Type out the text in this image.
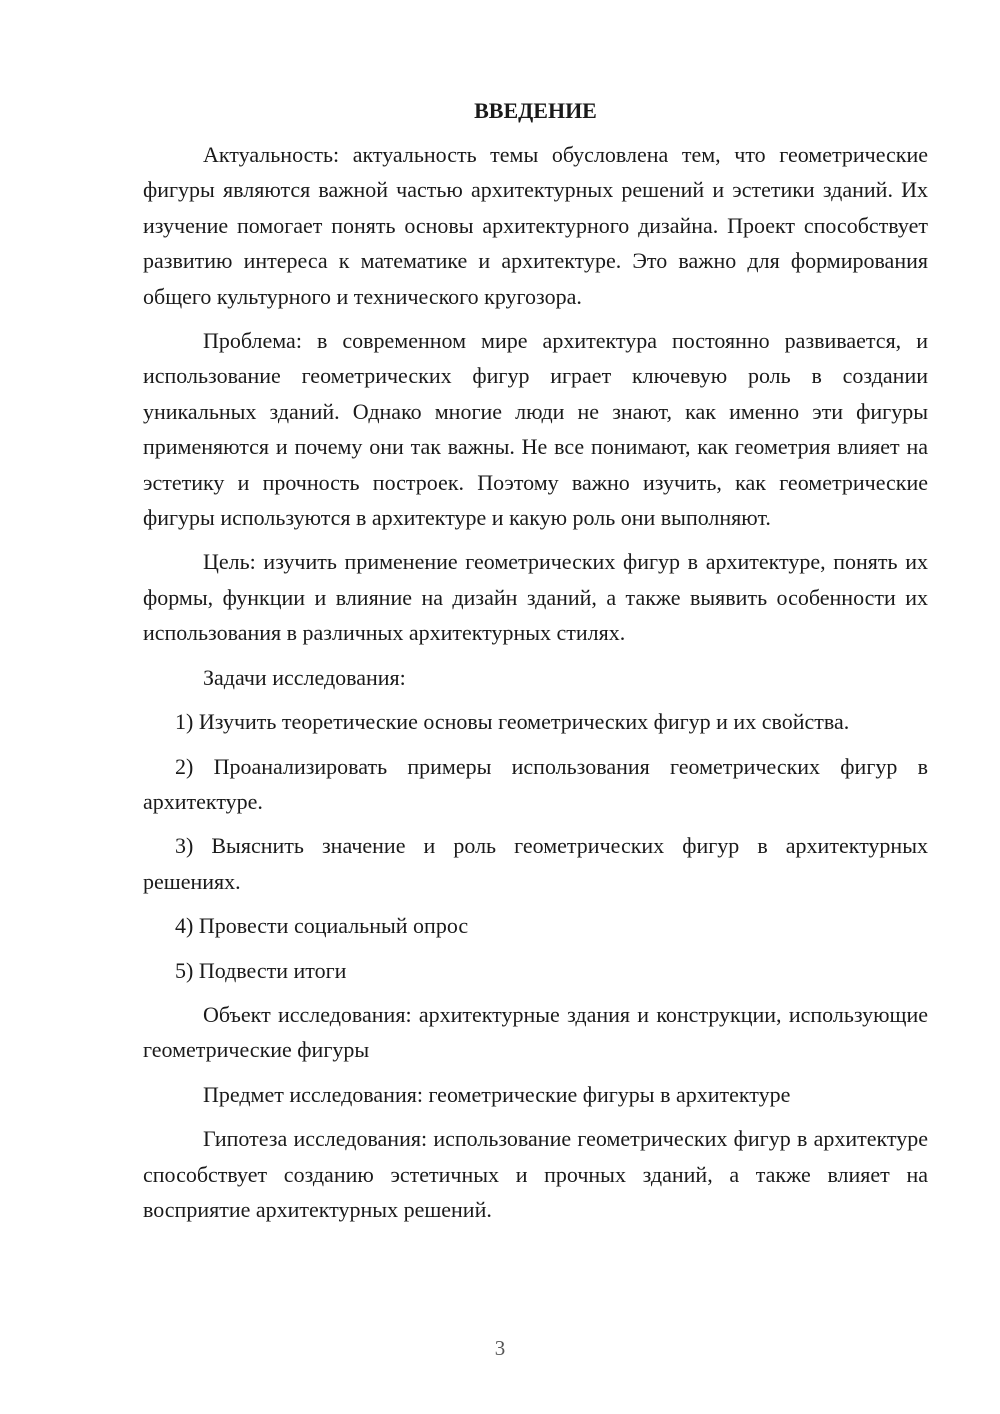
ВВЕДЕНИЕ

Актуальность: актуальность темы обусловлена тем, что геометрические фигуры являются важной частью архитектурных решений и эстетики зданий. Их изучение помогает понять основы архитектурного дизайна. Проект способствует развитию интереса к математике и архитектуре. Это важно для формирования общего культурного и технического кругозора.

Проблема: в современном мире архитектура постоянно развивается, и использование геометрических фигур играет ключевую роль в создании уникальных зданий. Однако многие люди не знают, как именно эти фигуры применяются и почему они так важны. Не все понимают, как геометрия влияет на эстетику и прочность построек. Поэтому важно изучить, как геометрические фигуры используются в архитектуре и какую роль они выполняют.

Цель: изучить применение геометрических фигур в архитектуре, понять их формы, функции и влияние на дизайн зданий, а также выявить особенности их использования в различных архитектурных стилях.

Задачи исследования:

1) Изучить теоретические основы геометрических фигур и их свойства.

2) Проанализировать примеры использования геометрических фигур в архитектуре.

3) Выяснить значение и роль геометрических фигур в архитектурных решениях.

4) Провести социальный опрос

5) Подвести итоги

Объект исследования: архитектурные здания и конструкции, использующие геометрические фигуры

Предмет исследования: геометрические фигуры в архитектуре

Гипотеза исследования: использование геометрических фигур в архитектуре способствует созданию эстетичных и прочных зданий, а также влияет на восприятие архитектурных решений.

3
